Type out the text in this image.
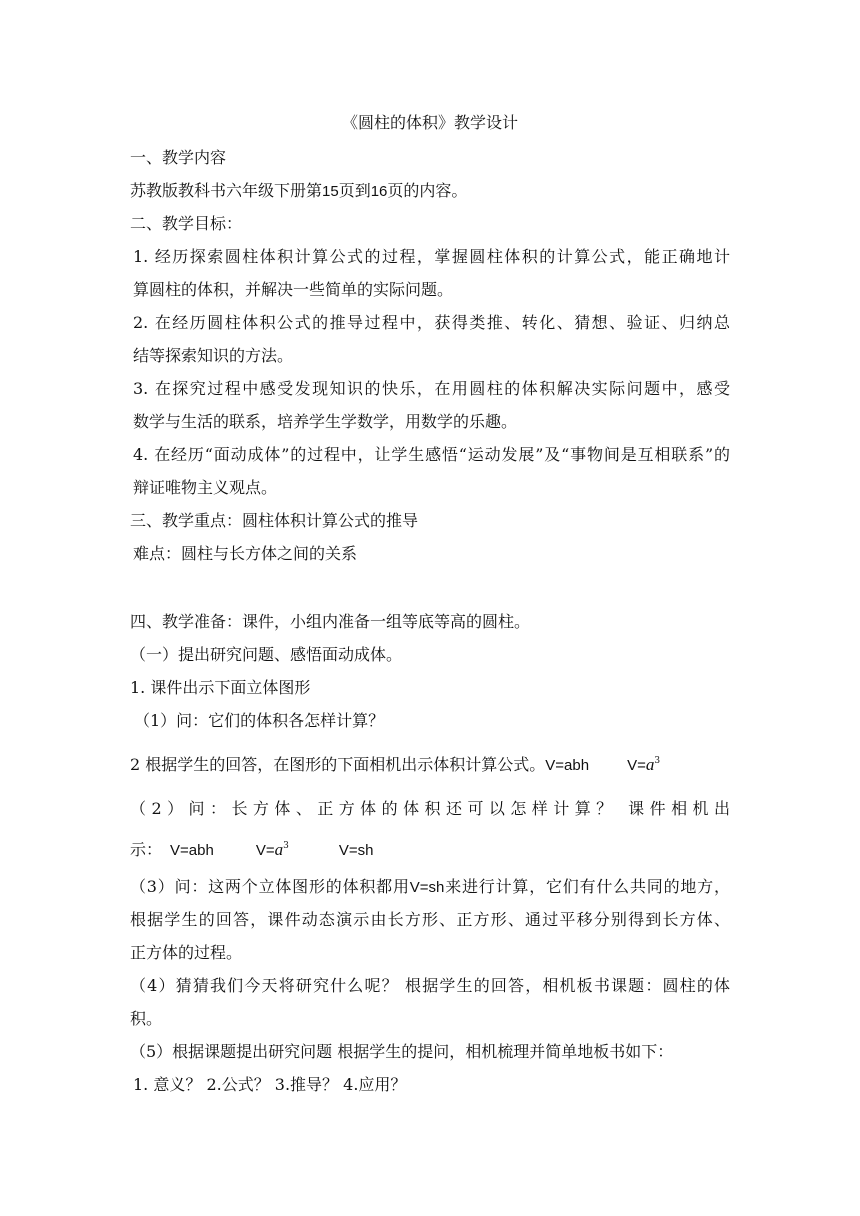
《圆柱的体积》教学设计
一、教学内容
苏教版教科书六年级下册第15页到16页的内容。
二、教学目标：
1. 经历探索圆柱体积计算公式的过程，掌握圆柱体积的计算公式，能正确地计
算圆柱的体积，并解决一些简单的实际问题。
2. 在经历圆柱体积公式的推导过程中，获得类推、转化、猜想、验证、归纳总
结等探索知识的方法。
3. 在探究过程中感受发现知识的快乐，在用圆柱的体积解决实际问题中，感受
数学与生活的联系，培养学生学数学，用数学的乐趣。
4. 在经历“面动成体”的过程中，让学生感悟“运动发展”及“事物间是互相联系”的
辩证唯物主义观点。
三、教学重点：圆柱体积计算公式的推导
难点：圆柱与长方体之间的关系
四、教学准备：课件，小组内准备一组等底等高的圆柱。
（一）提出研究问题、感悟面动成体。
1. 课件出示下面立体图形
（1）问：它们的体积各怎样计算？
2 根据学生的回答，在图形的下面相机出示体积计算公式。V=abh	$V=a^3$
（2）问：长方体、正方体的体积还可以怎样计算？ 课件相机出
示： V=abh	$V=a^3$	V=sh
（3）问：这两个立体图形的体积都用V=sh来进行计算，它们有什么共同的地方，
根据学生的回答，课件动态演示由长方形、正方形、通过平移分别得到长方体、
正方体的过程。
（4）猜猜我们今天将研究什么呢？ 根据学生的回答，相机板书课题：圆柱的体
积。
（5）根据课题提出研究问题 根据学生的提问，相机梳理并简单地板书如下：
1. 意义？ 2.公式？ 3.推导？ 4.应用？
